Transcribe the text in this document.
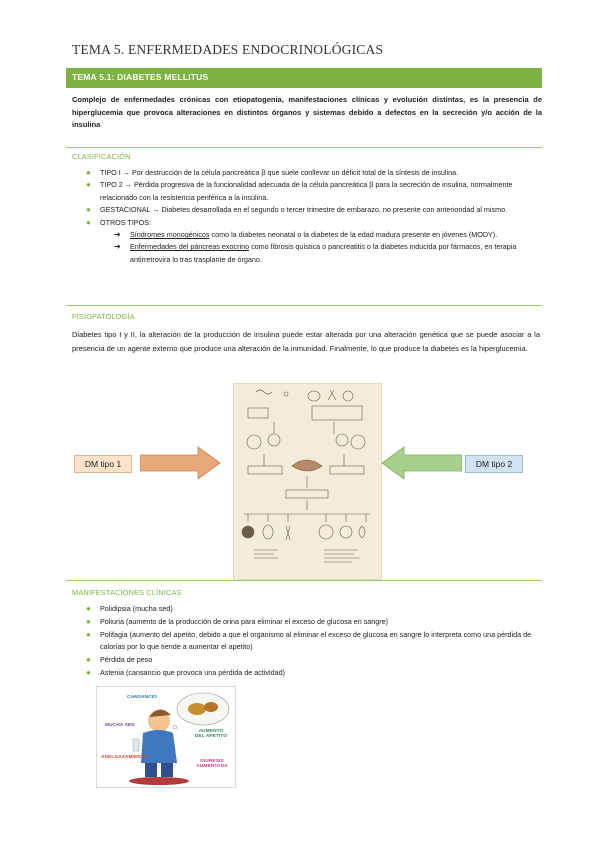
TEMA 5. ENFERMEDADES ENDOCRINOLÓGICAS
TEMA 5.1: DIABETES MELLITUS
Complejo de enfermedades crónicas con etiopatogenia, manifestaciones clínicas y evolución distintas, es la presencia de hiperglucemia que provoca alteraciones en distintos órganos y sistemas debido a defectos en la secreción y/o acción de la insulina
CLASIFICACIÓN
● TIPO I → Por destrucción de la célula pancreática β que suele conllevar un déficit total de la síntesis de insulina.
● TIPO 2 → Pérdida progresiva de la funcionalidad adecuada de la célula pancreática β para la secreción de insulina, normalmente relacionado con la resistencia periférica a la insulina.
● GESTACIONAL → Diabetes desarrollada en el segundo o tercer trimestre de embarazo, no presente con anterioridad al mismo.
● OTROS TIPOS:
➔ Síndromes monogénicos como la diabetes neonatal o la diabetes de la edad madura presente en jóvenes (MODY).
➔ Enfermedades del páncreas exocrino como fibrosis quística o pancreatitis o la diabetes inducida por fármacos, en terapia antirretrovira lo tras trasplante de órgano.
FISIOPATOLOGÍA
Diabetes tipo I y II, la alteración de la producción de insulina puede estar alterada por una alteración genética que se puede asociar a la presencia de un agente externo que produce una alteración de la inmunidad. Finalmente, lo que produce la diabetes es la hiperglucemia.
DM tipo 1	DM tipo 2
MANIFESTACIONES CLÍNICAS
● Polidipsia (mucha sed)
● Poliuria (aumento de la producción de orina para eliminar el exceso de glucosa en sangre)
● Polifagia (aumento del apetito, debido a que el organismo al eliminar el exceso de glucosa en sangre lo interpreta como una pérdida de calorías por lo que tiende a aumentar el apetito)
● Pérdida de peso
● Astenia (cansancio que provoca una pérdida de actividad)
CANSANCIO
MUCHA SED
AUMENTO DEL APETITO
ADELGAZAMIENTO
DIURESIS AUMENTADA
